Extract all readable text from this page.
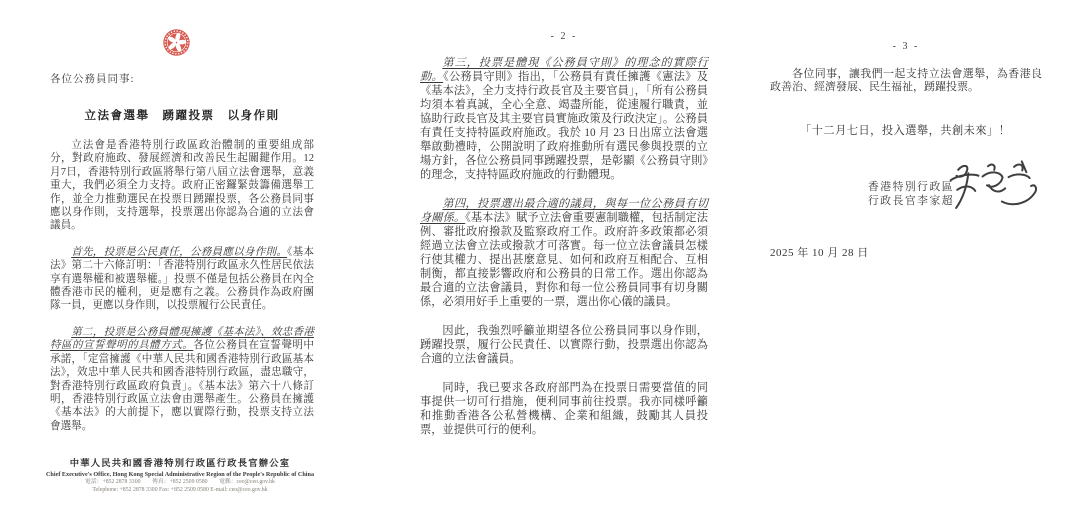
各位公務員同事:
立法會選舉　踴躍投票　以身作則

立法會是香港特別行政區政治體制的重要組成部分，對政府施政、發展經濟和改善民生起關鍵作用。12月7日，香港特別行政區將舉行第八屆立法會選舉，意義重大，我們必須全力支持。政府正密鑼緊鼓籌備選舉工作，並全力推動選民在投票日踴躍投票，各公務員同事應以身作則，支持選舉，投票選出你認為合適的立法會議員。

首先，投票是公民責任，公務員應以身作則。《基本法》第二十六條訂明：「香港特別行政區永久性居民依法享有選舉權和被選舉權。」投票不僅是包括公務員在內全體香港市民的權利，更是應有之義。公務員作為政府團隊一員，更應以身作則，以投票履行公民責任。

第二，投票是公務員體現擁護《基本法》、效忠香港特區的宣誓聲明的具體方式。各位公務員在宣誓聲明中承諾，「定當擁護《中華人民共和國香港特別行政區基本法》，效忠中華人民共和國香港特別行政區，盡忠職守，對香港特別行政區政府負責」。《基本法》第六十八條訂明，香港特別行政區立法會由選舉產生。公務員在擁護《基本法》的大前提下，應以實際行動，投票支持立法會選舉。

中華人民共和國香港特別行政區行政長官辦公室
Chief Executive's Office, Hong Kong Special Administrative Region of the People's Republic of China
電話：+852 2878 3300　　傳真：+852 2509 0580　　電郵：ceo@ceo.gov.hk
Telephone: +852 2878 3300 Fax: +852 2509 0580 E-mail: ceo@ceo.gov.hk
- 2 -

第三，投票是體現《公務員守則》的理念的實際行動。《公務員守則》指出，「公務員有責任擁護《憲法》及《基本法》，全力支持行政長官及主要官員」，「所有公務員均須本着真誠，全心全意、竭盡所能，從速履行職責，並協助行政長官及其主要官員實施政策及行政決定」。公務員有責任支持特區政府施政。我於 10 月 23 日出席立法會選舉啟動禮時，公開說明了政府推動所有選民參與投票的立場方針，各位公務員同事踴躍投票，是彰顯《公務員守則》的理念，支持特區政府施政的行動體現。

第四，投票選出最合適的議員，與每一位公務員有切身關係。《基本法》賦予立法會重要憲制職權，包括制定法例、審批政府撥款及監察政府工作。政府許多政策都必須經過立法會立法或撥款才可落實。每一位立法會議員怎樣行使其權力、提出甚麼意見、如何和政府互相配合、互相制衡，都直接影響政府和公務員的日常工作。選出你認為最合適的立法會議員，對你和每一位公務員同事有切身關係，必須用好手上重要的一票，選出你心儀的議員。

因此，我強烈呼籲並期望各位公務員同事以身作則，踴躍投票，履行公民責任、以實際行動，投票選出你認為合適的立法會議員。

同時，我已要求各政府部門為在投票日需要當值的同事提供一切可行措施，便利同事前往投票。我亦同樣呼籲和推動香港各公私營機構、企業和組織，鼓勵其人員投票，並提供可行的便利。

- 3 -

各位同事，讓我們一起支持立法會選舉，為香港良政善治、經濟發展、民生福祉，踴躍投票。

「十二月七日，投入選舉，共創未來」！
香港特別行政區
行政長官李家超
2025 年 10 月 28 日
